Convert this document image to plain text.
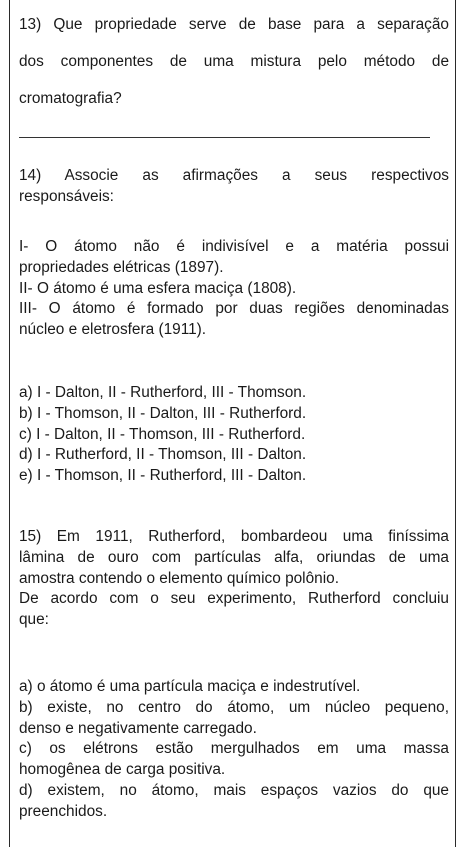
13) Que propriedade serve de base para a separação
dos componentes de uma mistura pelo método de
cromatografia?
14) Associe as afirmações a seus respectivos
responsáveis:
I- O átomo não é indivisível e a matéria possui
propriedades elétricas (1897).
II- O átomo é uma esfera maciça (1808).
III- O átomo é formado por duas regiões denominadas
núcleo e eletrosfera (1911).
a) I - Dalton, II - Rutherford, III - Thomson.
b) I - Thomson, II - Dalton, III - Rutherford.
c) I - Dalton, II - Thomson, III - Rutherford.
d) I - Rutherford, II - Thomson, III - Dalton.
e) I - Thomson, II - Rutherford, III - Dalton.
15) Em 1911, Rutherford, bombardeou uma finíssima
lâmina de ouro com partículas alfa, oriundas de uma
amostra contendo o elemento químico polônio.
De acordo com o seu experimento, Rutherford concluiu
que:
a) o átomo é uma partícula maciça e indestrutível.
b) existe, no centro do átomo, um núcleo pequeno,
denso e negativamente carregado.
c) os elétrons estão mergulhados em uma massa
homogênea de carga positiva.
d) existem, no átomo, mais espaços vazios do que
preenchidos.
